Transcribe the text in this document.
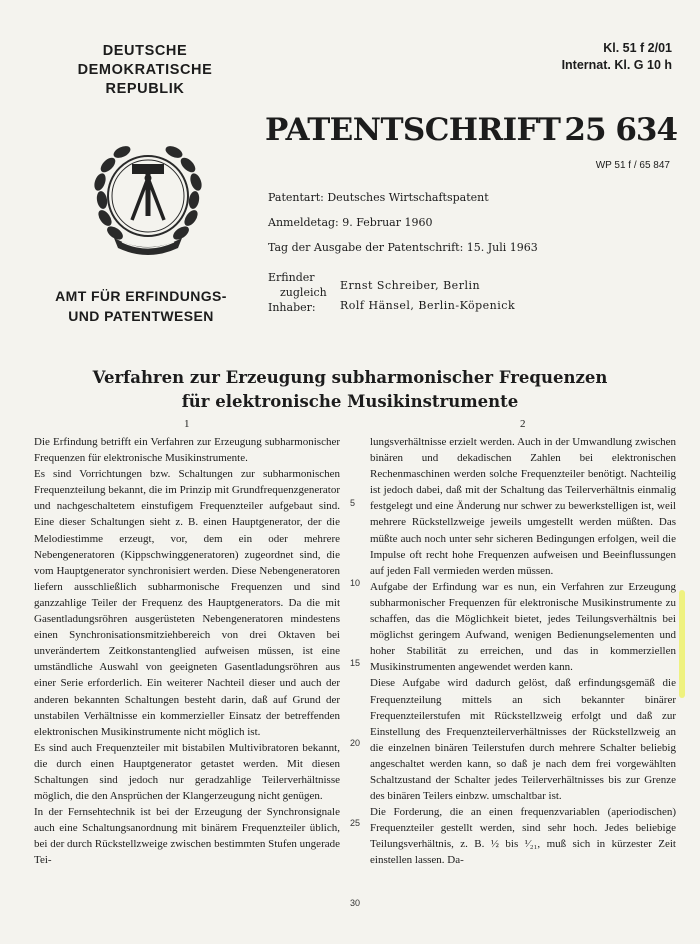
DEUTSCHE
DEMOKRATISCHE
REPUBLIK
AMT FÜR ERFINDUNGS-
UND PATENTWESEN
Kl. 51 f 2/01
Internat. Kl. G 10 h
PATENTSCHRIFT 25 634
WP 51 f / 65 847
Patentart: Deutsches Wirtschaftspatent
Anmeldetag: 9. Februar 1960
Tag der Ausgabe der Patentschrift: 15. Juli 1963
Erfinder
zugleich
Inhaber:
Ernst Schreiber, Berlin
Rolf Hänsel, Berlin-Köpenick
Verfahren zur Erzeugung subharmonischer Frequenzen
für elektronische Musikinstrumente
1	2

Die Erfindung betrifft ein Verfahren zur Erzeugung subharmonischer Frequenzen für elektronische Musikinstrumente.

Es sind Vorrichtungen bzw. Schaltungen zur subharmonischen Frequenzteilung bekannt, die im Prinzip mit Grundfrequenzgenerator und nachgeschaltetem einstufigem Frequenzteiler aufgebaut sind. Eine dieser Schaltungen sieht z. B. einen Hauptgenerator, der die Melodiestimme erzeugt, vor, dem ein oder mehrere Nebengeneratoren (Kippschwinggeneratoren) zugeordnet sind, die vom Hauptgenerator synchronisiert werden. Diese Nebengeneratoren liefern ausschließlich subharmonische Frequenzen und sind ganzzahlige Teiler der Frequenz des Hauptgenerators. Da die mit Gasentladungsröhren ausgerüsteten Nebengeneratoren mindestens einen Synchronisationsmitziehbereich von drei Oktaven bei unverändertem Zeitkonstantenglied aufweisen müssen, ist eine umständliche Auswahl von geeigneten Gasentladungsröhren aus einer Serie erforderlich. Ein weiterer Nachteil dieser und auch der anderen bekannten Schaltungen besteht darin, daß auf Grund der unstabilen Verhältnisse ein kommerzieller Einsatz der betreffenden elektronischen Musikinstrumente nicht möglich ist.

Es sind auch Frequenzteiler mit bistabilen Multivibratoren bekannt, die durch einen Hauptgenerator getastet werden. Mit diesen Schaltungen sind jedoch nur geradzahlige Teilerverhältnisse möglich, die den Ansprüchen der Klangerzeugung nicht genügen.

In der Fernsehtechnik ist bei der Erzeugung der Synchronsignale auch eine Schaltungsanordnung mit binärem Frequenzteiler üblich, bei der durch Rückstellzweige zwischen bestimmten Stufen ungerade Tei-

5
10
15
20
25
30

lungsverhältnisse erzielt werden. Auch in der Umwandlung zwischen binären und dekadischen Zahlen bei elektronischen Rechenmaschinen werden solche Frequenzteiler benötigt. Nachteilig ist jedoch dabei, daß mit der Schaltung das Teilerverhältnis einmalig festgelegt und eine Änderung nur schwer zu bewerkstelligen ist, weil mehrere Rückstellzweige jeweils umgestellt werden müßten. Das müßte auch noch unter sehr sicheren Bedingungen erfolgen, weil die Impulse oft recht hohe Frequenzen aufweisen und Beeinflussungen auf jeden Fall vermieden werden müssen.

Aufgabe der Erfindung war es nun, ein Verfahren zur Erzeugung subharmonischer Frequenzen für elektronische Musikinstrumente zu schaffen, das die Möglichkeit bietet, jedes Teilungsverhältnis bei möglichst geringem Aufwand, wenigen Bedienungselementen und hoher Stabilität zu erreichen, und das in kommerziellen Musikinstrumenten angewendet werden kann.

Diese Aufgabe wird dadurch gelöst, daß erfindungsgemäß die Frequenzteilung mittels an sich bekannter binärer Frequenzteilerstufen mit Rückstellzweig erfolgt und daß zur Einstellung des Frequenzteilerverhältnisses der Rückstellzweig an die einzelnen binären Teilerstufen durch mehrere Schalter beliebig angeschaltet werden kann, so daß je nach dem frei vorgewählten Schaltzustand der Schalter jedes Teilerverhältnisses bis zur Grenze des binären Teilers einbzw. umschaltbar ist.

Die Forderung, die an einen frequenzvariablen (aperiodischen) Frequenzteiler gestellt werden, sind sehr hoch. Jedes beliebige Teilungsverhältnis, z. B. ½ bis ¹⁄₂₁, muß sich in kürzester Zeit einstellen lassen. Da-
